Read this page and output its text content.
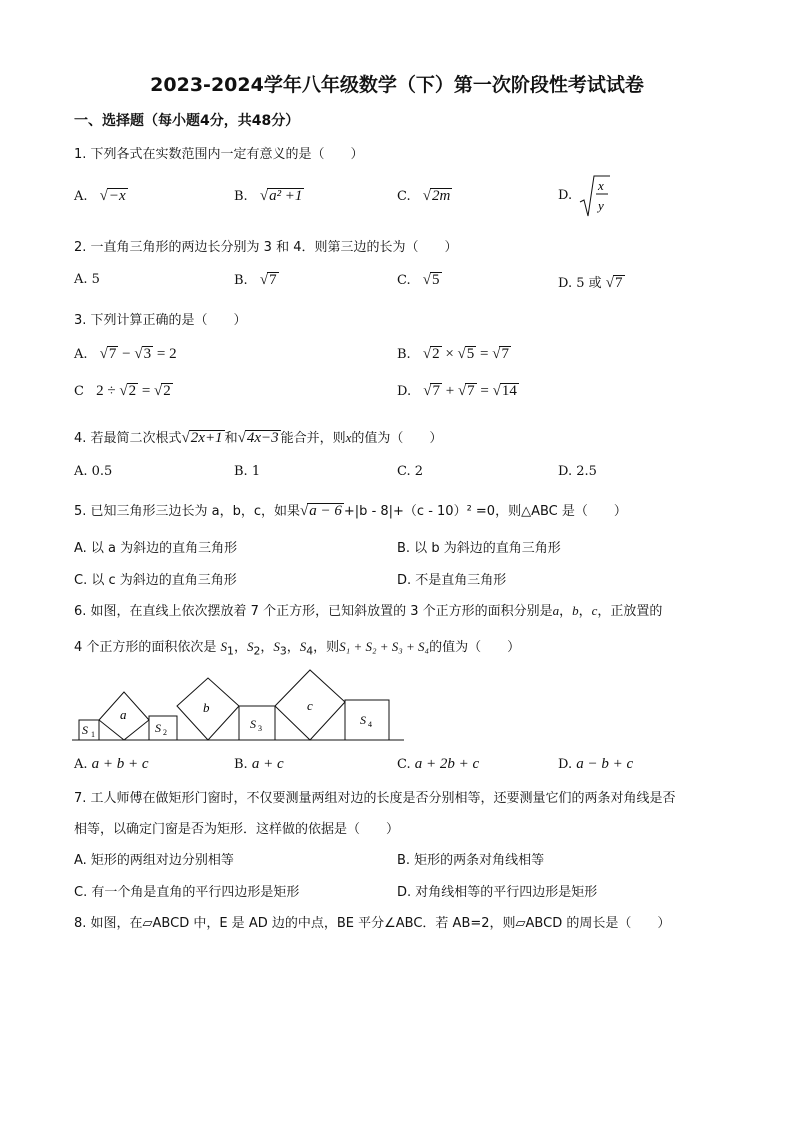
2023-2024学年八年级数学（下）第一次阶段性考试试卷
一、选择题（每小题4分，共48分）
1. 下列各式在实数范围内一定有意义的是（　　）
A. √−x	B. √a² +1	C. √2m	D.
x
y
2. 一直角三角形的两边长分别为 3 和 4．则第三边的长为（　　）
A. 5	B. √7	C. √5	D. 5 或 √7
3. 下列计算正确的是（　　）
A. √7 − √3 = 2	B. √2 × √5 = √7
C 2 ÷ √2 = √2	D. √7 + √7 = √14
4. 若最简二次根式√2x+1 和√4x−3 能合并，则x的值为（　　）
A. 0.5	B. 1	C. 2	D. 2.5
5. 已知三角形三边长为 a，b，c，如果√a − 6 +|b - 8|+（c - 10）² =0，则△ABC 是（　　）
A. 以 a 为斜边的直角三角形	B. 以 b 为斜边的直角三角形
C. 以 c 为斜边的直角三角形	D. 不是直角三角形
6. 如图，在直线上依次摆放着 7 个正方形，已知斜放置的 3 个正方形的面积分别是a，b，c，正放置的
4 个正方形的面积依次是 $S_1$，$S_2$，$S_3$，$S_4$，则S₁ + S₂ + S₃ + S₄的值为（　　）
S 1
a
S 2
b
S 3
c
S 4
A. a + b + c	B. a + c	C. a + 2b + c	D. a − b + c
7. 工人师傅在做矩形门窗时，不仅要测量两组对边的长度是否分别相等，还要测量它们的两条对角线是否
相等，以确定门窗是否为矩形．这样做的依据是（　　）
A. 矩形的两组对边分别相等	B. 矩形的两条对角线相等
C. 有一个角是直角的平行四边形是矩形	D. 对角线相等的平行四边形是矩形
8. 如图，在▱ABCD 中，E 是 AD 边的中点，BE 平分∠ABC．若 AB=2，则▱ABCD 的周长是（　　）
